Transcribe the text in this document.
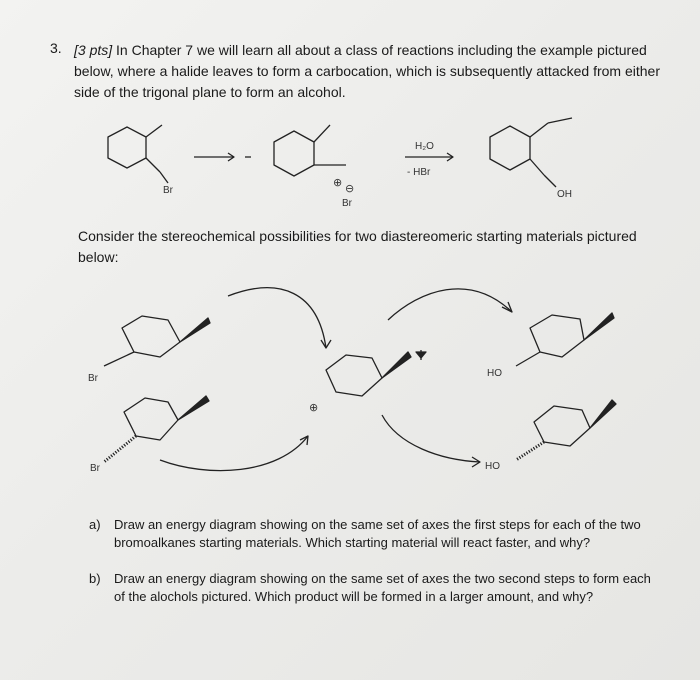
3. [3 pts] In Chapter 7 we will learn all about a class of reactions including the example pictured below, where a halide leaves to form a carbocation, which is subsequently attacked from either side of the trigonal plane to form an alcohol.

Br
⊕ ⊖
Br
H₂O
- HBr
OH
Br
Br
⊕
HO
HO

Consider the stereochemical possibilities for two diastereomeric starting materials pictured below:

a) Draw an energy diagram showing on the same set of axes the first steps for each of the two bromoalkanes starting materials. Which starting material will react faster, and why?

b) Draw an energy diagram showing on the same set of axes the two second steps to form each of the alochols pictured. Which product will be formed in a larger amount, and why?
